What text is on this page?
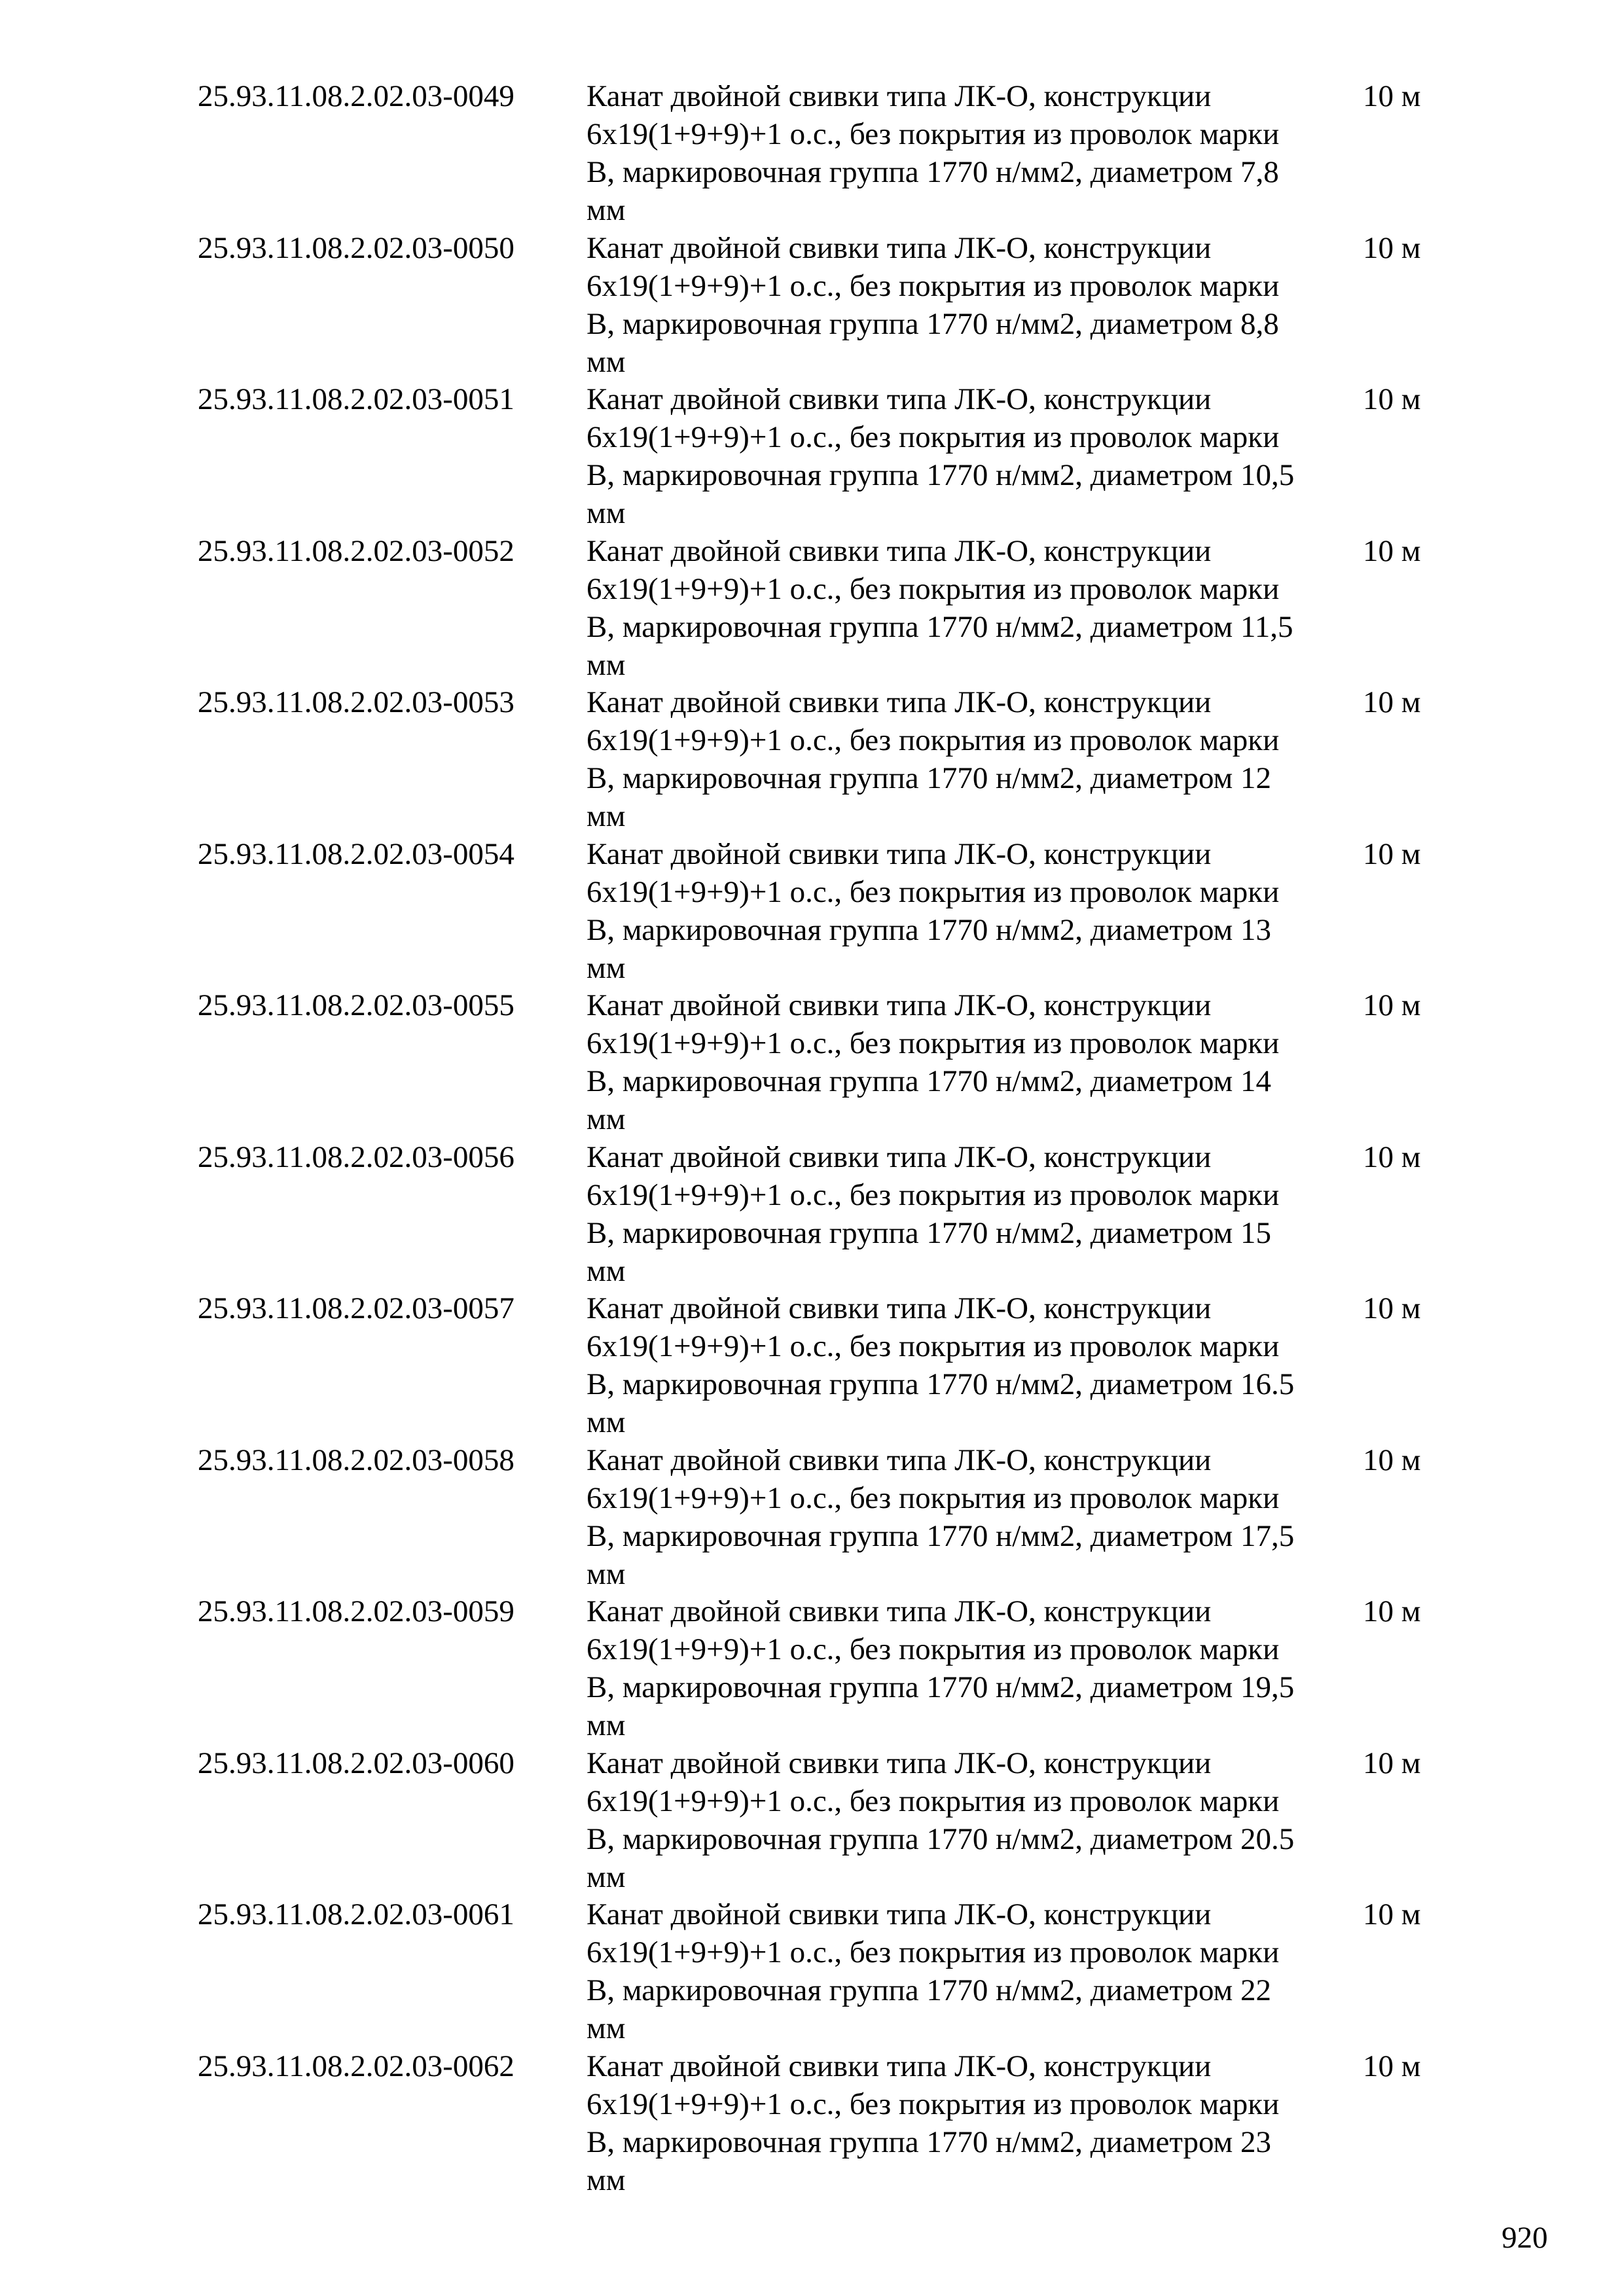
25.93.11.08.2.02.03-0049 Канат двойной свивки типа ЛК-О, конструкции
6х19(1+9+9)+1 о.с., без покрытия из проволок марки
В, маркировочная группа 1770 н/мм2, диаметром 7,8
мм
10 м
25.93.11.08.2.02.03-0050 Канат двойной свивки типа ЛК-О, конструкции
6х19(1+9+9)+1 о.с., без покрытия из проволок марки
В, маркировочная группа 1770 н/мм2, диаметром 8,8
мм
10 м
25.93.11.08.2.02.03-0051 Канат двойной свивки типа ЛК-О, конструкции
6х19(1+9+9)+1 о.с., без покрытия из проволок марки
В, маркировочная группа 1770 н/мм2, диаметром 10,5
мм
10 м
25.93.11.08.2.02.03-0052 Канат двойной свивки типа ЛК-О, конструкции
6х19(1+9+9)+1 о.с., без покрытия из проволок марки
В, маркировочная группа 1770 н/мм2, диаметром 11,5
мм
10 м
25.93.11.08.2.02.03-0053 Канат двойной свивки типа ЛК-О, конструкции
6х19(1+9+9)+1 о.с., без покрытия из проволок марки
В, маркировочная группа 1770 н/мм2, диаметром 12
мм
10 м
25.93.11.08.2.02.03-0054 Канат двойной свивки типа ЛК-О, конструкции
6х19(1+9+9)+1 о.с., без покрытия из проволок марки
В, маркировочная группа 1770 н/мм2, диаметром 13
мм
10 м
25.93.11.08.2.02.03-0055 Канат двойной свивки типа ЛК-О, конструкции
6х19(1+9+9)+1 о.с., без покрытия из проволок марки
В, маркировочная группа 1770 н/мм2, диаметром 14
мм
10 м
25.93.11.08.2.02.03-0056 Канат двойной свивки типа ЛК-О, конструкции
6х19(1+9+9)+1 о.с., без покрытия из проволок марки
В, маркировочная группа 1770 н/мм2, диаметром 15
мм
10 м
25.93.11.08.2.02.03-0057 Канат двойной свивки типа ЛК-О, конструкции
6х19(1+9+9)+1 о.с., без покрытия из проволок марки
В, маркировочная группа 1770 н/мм2, диаметром 16.5
мм
10 м
25.93.11.08.2.02.03-0058 Канат двойной свивки типа ЛК-О, конструкции
6х19(1+9+9)+1 о.с., без покрытия из проволок марки
В, маркировочная группа 1770 н/мм2, диаметром 17,5
мм
10 м
25.93.11.08.2.02.03-0059 Канат двойной свивки типа ЛК-О, конструкции
6х19(1+9+9)+1 о.с., без покрытия из проволок марки
В, маркировочная группа 1770 н/мм2, диаметром 19,5
мм
10 м
25.93.11.08.2.02.03-0060 Канат двойной свивки типа ЛК-О, конструкции
6х19(1+9+9)+1 о.с., без покрытия из проволок марки
В, маркировочная группа 1770 н/мм2, диаметром 20.5
мм
10 м
25.93.11.08.2.02.03-0061 Канат двойной свивки типа ЛК-О, конструкции
6х19(1+9+9)+1 о.с., без покрытия из проволок марки
В, маркировочная группа 1770 н/мм2, диаметром 22
мм
10 м
25.93.11.08.2.02.03-0062 Канат двойной свивки типа ЛК-О, конструкции
6х19(1+9+9)+1 о.с., без покрытия из проволок марки
В, маркировочная группа 1770 н/мм2, диаметром 23
мм
10 м
920
